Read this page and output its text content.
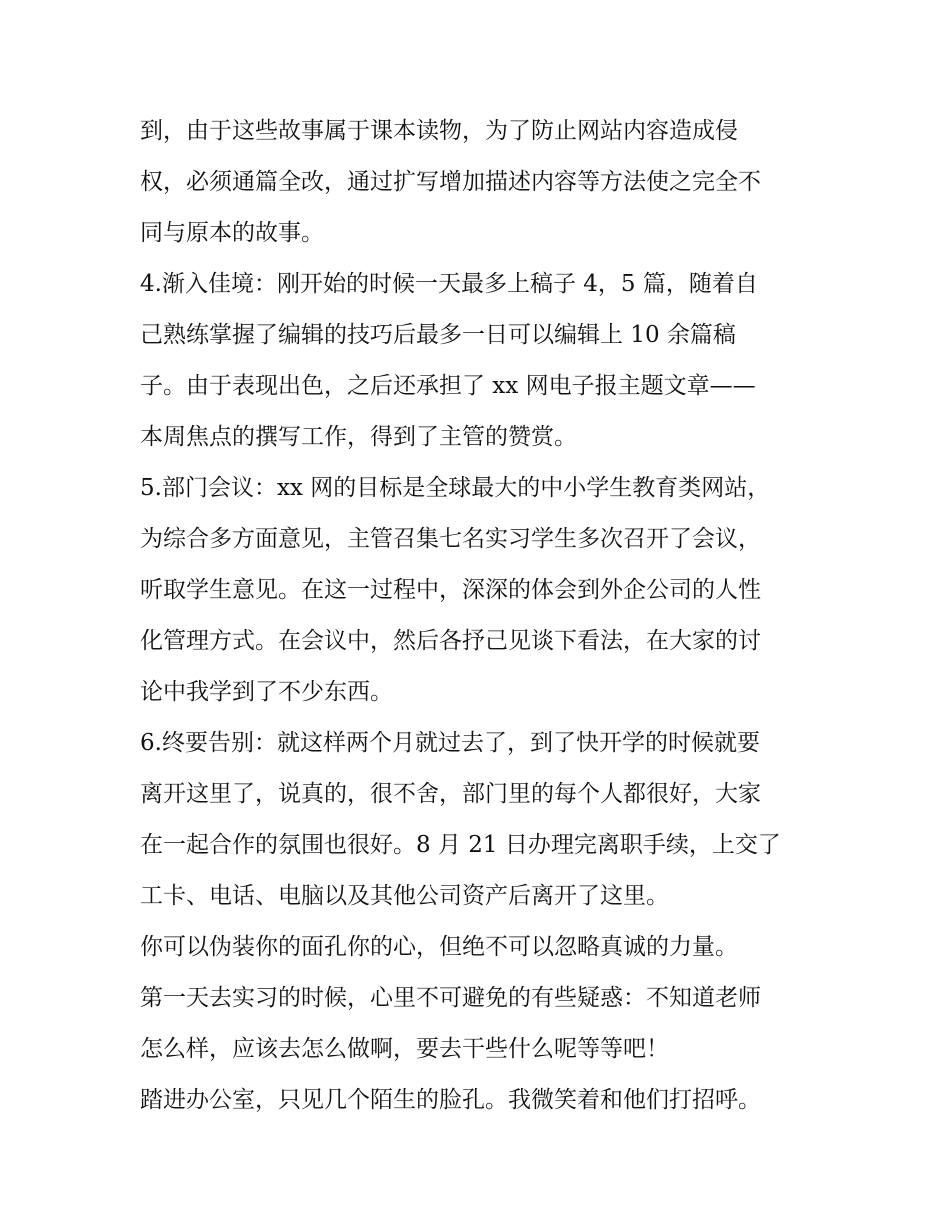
到，由于这些故事属于课本读物，为了防止网站内容造成侵
权，必须通篇全改，通过扩写增加描述内容等方法使之完全不
同与原本的故事。
4.渐入佳境：刚开始的时候一天最多上稿子 4，5 篇，随着自
己熟练掌握了编辑的技巧后最多一日可以编辑上 10 余篇稿
子。由于表现出色，之后还承担了 xx 网电子报主题文章——
本周焦点的撰写工作，得到了主管的赞赏。
5.部门会议：xx 网的目标是全球最大的中小学生教育类网站，
为综合多方面意见，主管召集七名实习学生多次召开了会议，
听取学生意见。在这一过程中，深深的体会到外企公司的人性
化管理方式。在会议中，然后各抒己见谈下看法，在大家的讨
论中我学到了不少东西。
6.终要告别：就这样两个月就过去了，到了快开学的时候就要
离开这里了，说真的，很不舍，部门里的每个人都很好，大家
在一起合作的氛围也很好。8 月 21 日办理完离职手续，上交了
工卡、电话、电脑以及其他公司资产后离开了这里。
你可以伪装你的面孔你的心，但绝不可以忽略真诚的力量。
第一天去实习的时候，心里不可避免的有些疑惑：不知道老师
怎么样，应该去怎么做啊，要去干些什么呢等等吧！
踏进办公室，只见几个陌生的脸孔。我微笑着和他们打招呼。
